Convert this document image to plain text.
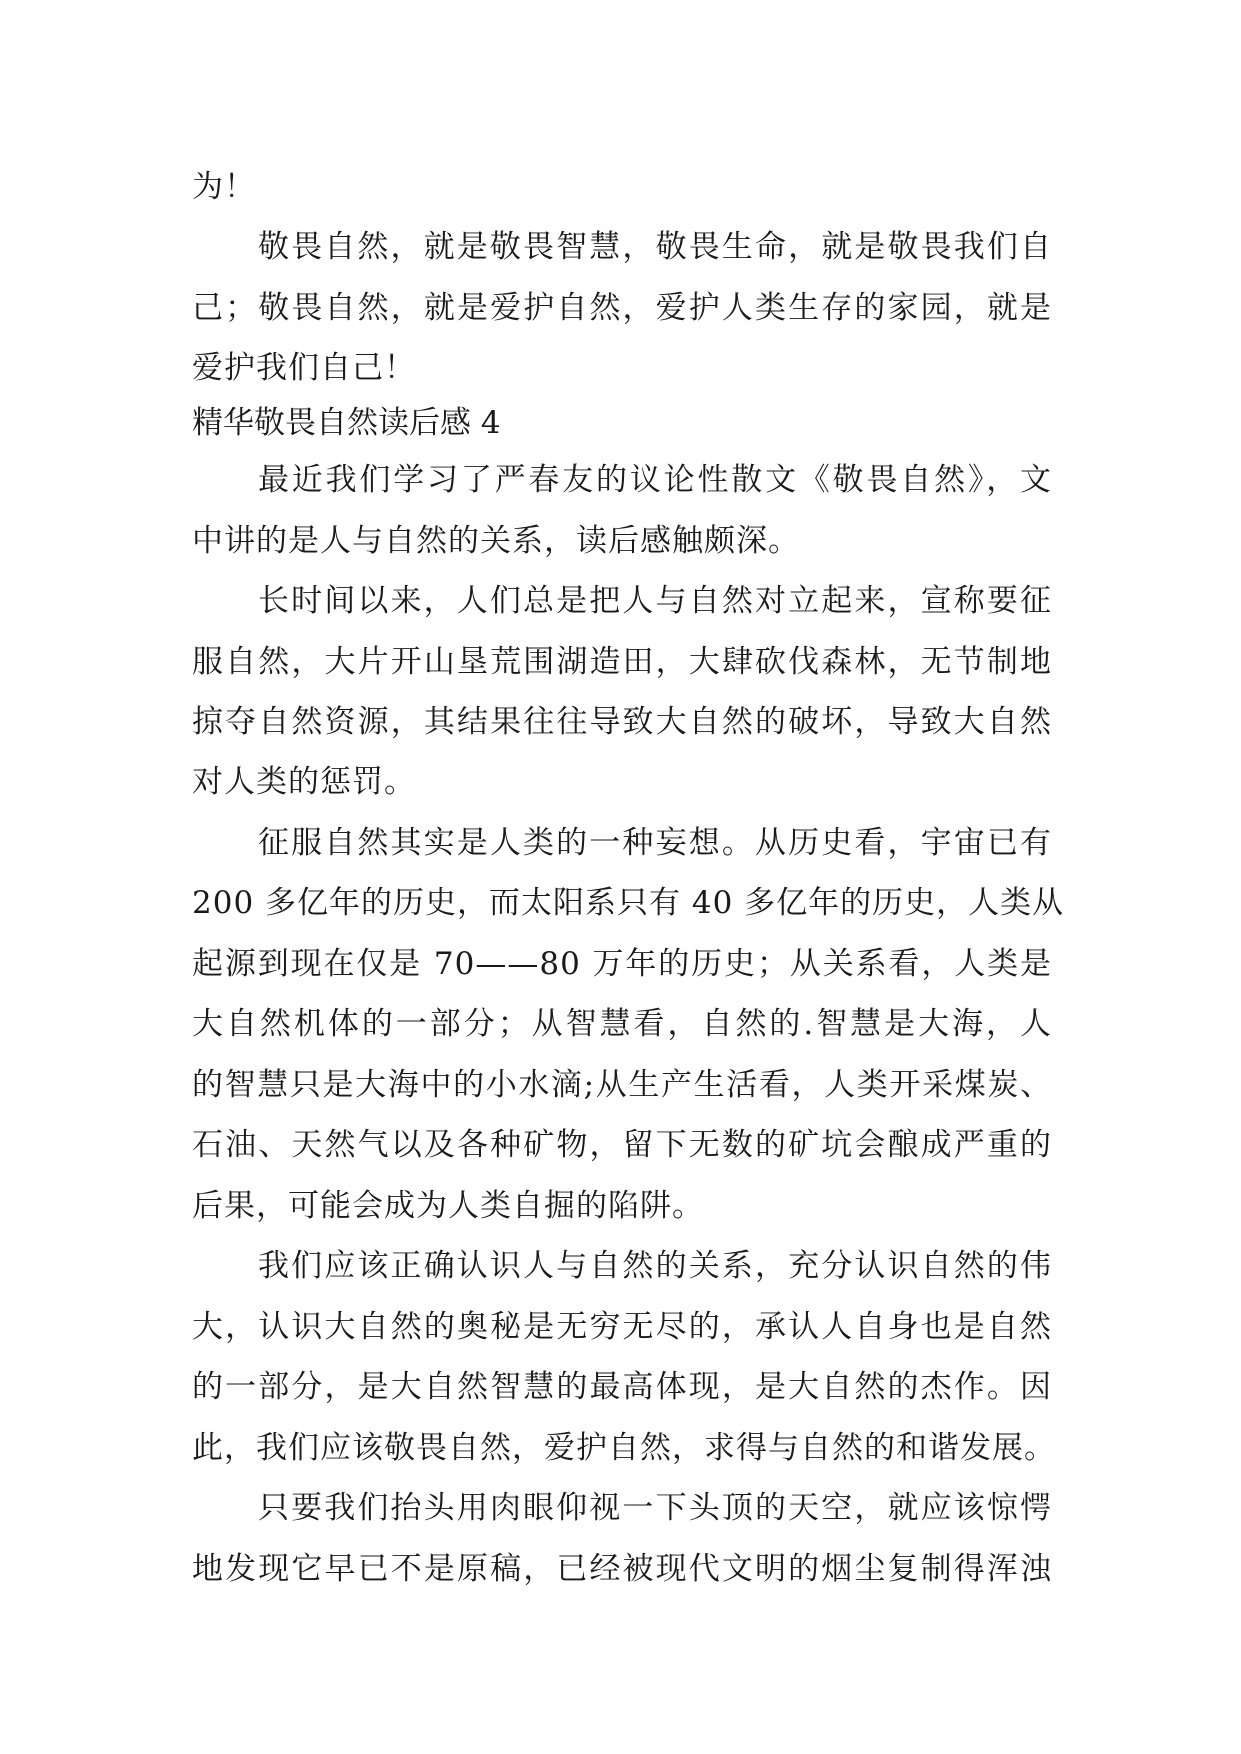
为！
敬畏自然，就是敬畏智慧，敬畏生命，就是敬畏我们自
己；敬畏自然，就是爱护自然，爱护人类生存的家园，就是
爱护我们自己！
精华敬畏自然读后感 4
最近我们学习了严春友的议论性散文《敬畏自然》，文
中讲的是人与自然的关系，读后感触颇深。
长时间以来，人们总是把人与自然对立起来，宣称要征
服自然，大片开山垦荒围湖造田，大肆砍伐森林，无节制地
掠夺自然资源，其结果往往导致大自然的破坏，导致大自然
对人类的惩罚。
征服自然其实是人类的一种妄想。从历史看，宇宙已有
200 多亿年的历史，而太阳系只有 40 多亿年的历史，人类从
起源到现在仅是 70——80 万年的历史；从关系看，人类是
大自然机体的一部分；从智慧看，自然的.智慧是大海，人
的智慧只是大海中的小水滴;从生产生活看，人类开采煤炭、
石油、天然气以及各种矿物，留下无数的矿坑会酿成严重的
后果，可能会成为人类自掘的陷阱。
我们应该正确认识人与自然的关系，充分认识自然的伟
大，认识大自然的奥秘是无穷无尽的，承认人自身也是自然
的一部分，是大自然智慧的最高体现，是大自然的杰作。因
此，我们应该敬畏自然，爱护自然，求得与自然的和谐发展。
只要我们抬头用肉眼仰视一下头顶的天空，就应该惊愕
地发现它早已不是原稿，已经被现代文明的烟尘复制得浑浊
